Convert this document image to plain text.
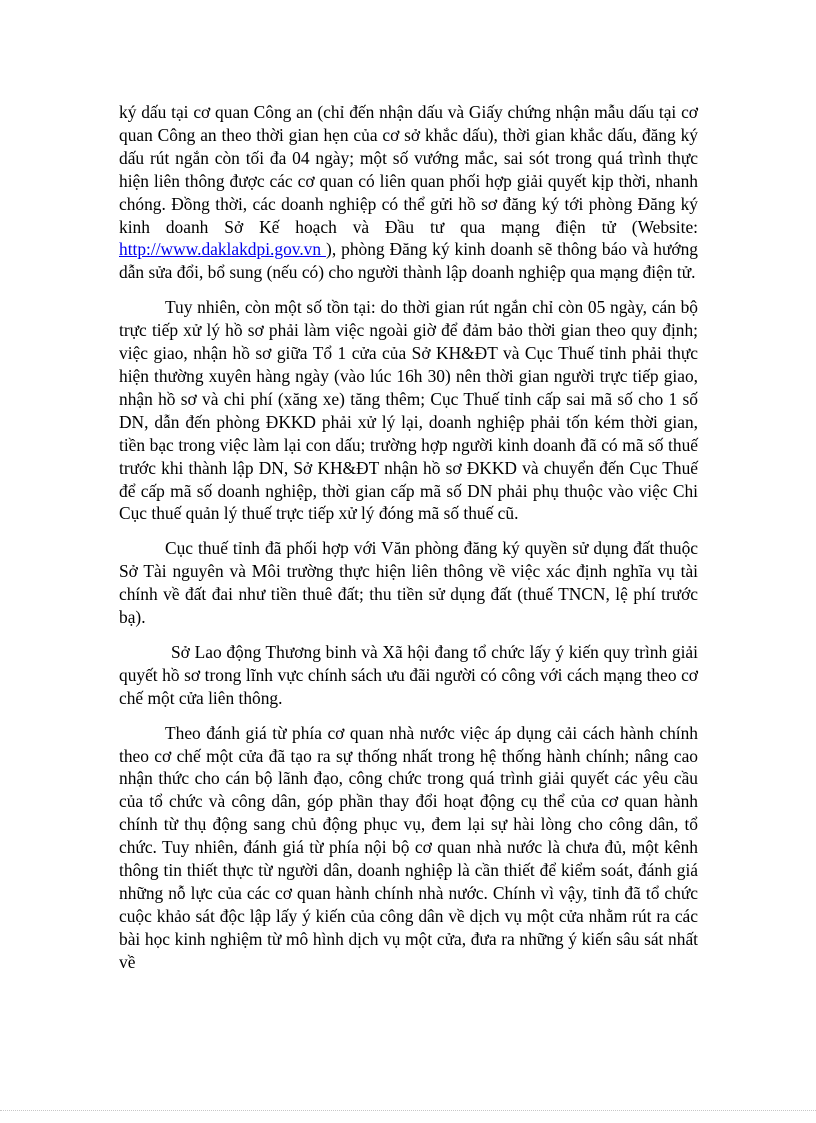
ký dấu tại cơ quan Công an (chỉ đến nhận dấu và Giấy chứng nhận mẫu dấu tại cơ quan Công an theo thời gian hẹn của cơ sở khắc dấu), thời gian khắc dấu, đăng ký dấu rút ngắn còn tối đa 04 ngày; một số vướng mắc, sai sót trong quá trình thực hiện liên thông được các cơ quan có liên quan phối hợp giải quyết kịp thời, nhanh chóng. Đồng thời, các doanh nghiệp có thể gửi hồ sơ đăng ký tới phòng Đăng ký kinh doanh Sở Kế hoạch và Đầu tư qua mạng điện tử (Website: http://www.daklakdpi.gov.vn ), phòng Đăng ký kinh doanh sẽ thông báo và hướng dẫn sửa đổi, bổ sung (nếu có) cho người thành lập doanh nghiệp qua mạng điện tử.

Tuy nhiên, còn một số tồn tại: do thời gian rút ngắn chỉ còn 05 ngày, cán bộ trực tiếp xử lý hồ sơ phải làm việc ngoài giờ để đảm bảo thời gian theo quy định; việc giao, nhận hồ sơ giữa Tổ 1 cửa của Sở KH&ĐT và Cục Thuế tỉnh phải thực hiện thường xuyên hàng ngày (vào lúc 16h 30) nên thời gian người trực tiếp giao, nhận hồ sơ và chi phí (xăng xe) tăng thêm; Cục Thuế tỉnh cấp sai mã số cho 1 số DN, dẫn đến phòng ĐKKD phải xử lý lại, doanh nghiệp phải tốn kém thời gian, tiền bạc trong việc làm lại con dấu; trường hợp người kinh doanh đã có mã số thuế trước khi thành lập DN, Sở KH&ĐT nhận hồ sơ ĐKKD và chuyển đến Cục Thuế để cấp mã số doanh nghiệp, thời gian cấp mã số DN phải phụ thuộc vào việc Chi Cục thuế quản lý thuế trực tiếp xử lý đóng mã số thuế cũ.

Cục thuế tỉnh đã phối hợp với Văn phòng đăng ký quyền sử dụng đất thuộc Sở Tài nguyên và Môi trường thực hiện liên thông về việc xác định nghĩa vụ tài chính về đất đai như tiền thuê đất; thu tiền sử dụng đất (thuế TNCN, lệ phí trước bạ).

Sở Lao động Thương binh và Xã hội đang tổ chức lấy ý kiến quy trình giải quyết hồ sơ trong lĩnh vực chính sách ưu đãi người có công với cách mạng theo cơ chế một cửa liên thông.

Theo đánh giá từ phía cơ quan nhà nước việc áp dụng cải cách hành chính theo cơ chế một cửa đã tạo ra sự thống nhất trong hệ thống hành chính; nâng cao nhận thức cho cán bộ lãnh đạo, công chức trong quá trình giải quyết các yêu cầu của tổ chức và công dân, góp phần thay đổi hoạt động cụ thể của cơ quan hành chính từ thụ động sang chủ động phục vụ, đem lại sự hài lòng cho công dân, tổ chức. Tuy nhiên, đánh giá từ phía nội bộ cơ quan nhà nước là chưa đủ, một kênh thông tin thiết thực từ người dân, doanh nghiệp là cần thiết để kiểm soát, đánh giá những nỗ lực của các cơ quan hành chính nhà nước. Chính vì vậy, tỉnh đã tổ chức cuộc khảo sát độc lập lấy ý kiến của công dân về dịch vụ một cửa nhằm rút ra các bài học kinh nghiệm từ mô hình dịch vụ một cửa, đưa ra những ý kiến sâu sát nhất về
